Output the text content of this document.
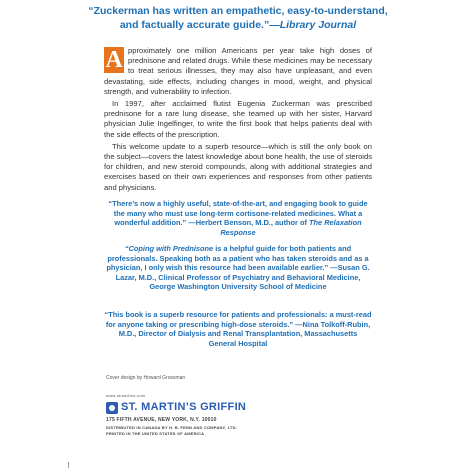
“Zuckerman has written an empathetic, easy-to-understand, and factually accurate guide.”—Library Journal

A pproximately one million Americans per year take high doses of prednisone and related drugs. While these medicines may be necessary to treat serious illnesses, they may also have unpleasant, and even devastating, side effects, including changes in mood, weight, and physical strength, and vulnerability to infection.

In 1997, after acclaimed flutist Eugenia Zuckerman was prescribed prednisone for a rare lung disease, she teamed up with her sister, Harvard physician Julie Ingelfinger, to write the first book that helps patients deal with the side effects of the prescription.

This welcome update to a superb resource—which is still the only book on the subject—covers the latest knowledge about bone health, the use of steroids for children, and new steroid compounds, along with additional strategies and exercises based on their own experiences and responses from other patients and physicians.

“There’s now a highly useful, state-of-the-art, and engaging book to guide the many who must use long-term cortisone-related medicines. What a wonderful addition.” —Herbert Benson, M.D., author of The Relaxation Response
“Coping with Prednisone is a helpful guide for both patients and professionals. Speaking both as a patient who has taken steroids and as a physician, I only wish this resource had been available earlier.” —Susan G. Lazar, M.D., Clinical Professor of Psychiatry and Behavioral Medicine, George Washington University School of Medicine
“This book is a superb resource for patients and professionals: a must-read for anyone taking or prescribing high-dose steroids.” —Nina Tolkoff-Rubin, M.D., Director of Dialysis and Renal Transplantation, Massachusetts General Hospital
Cover design by Howard Grossman
www.stmartins.com
ST. MARTIN’S GRIFFIN
175 FIFTH AVENUE, NEW YORK, N.Y. 10010
DISTRIBUTED IN CANADA BY H. B. FENN AND COMPANY, LTD.
PRINTED IN THE UNITED STATES OF AMERICA
